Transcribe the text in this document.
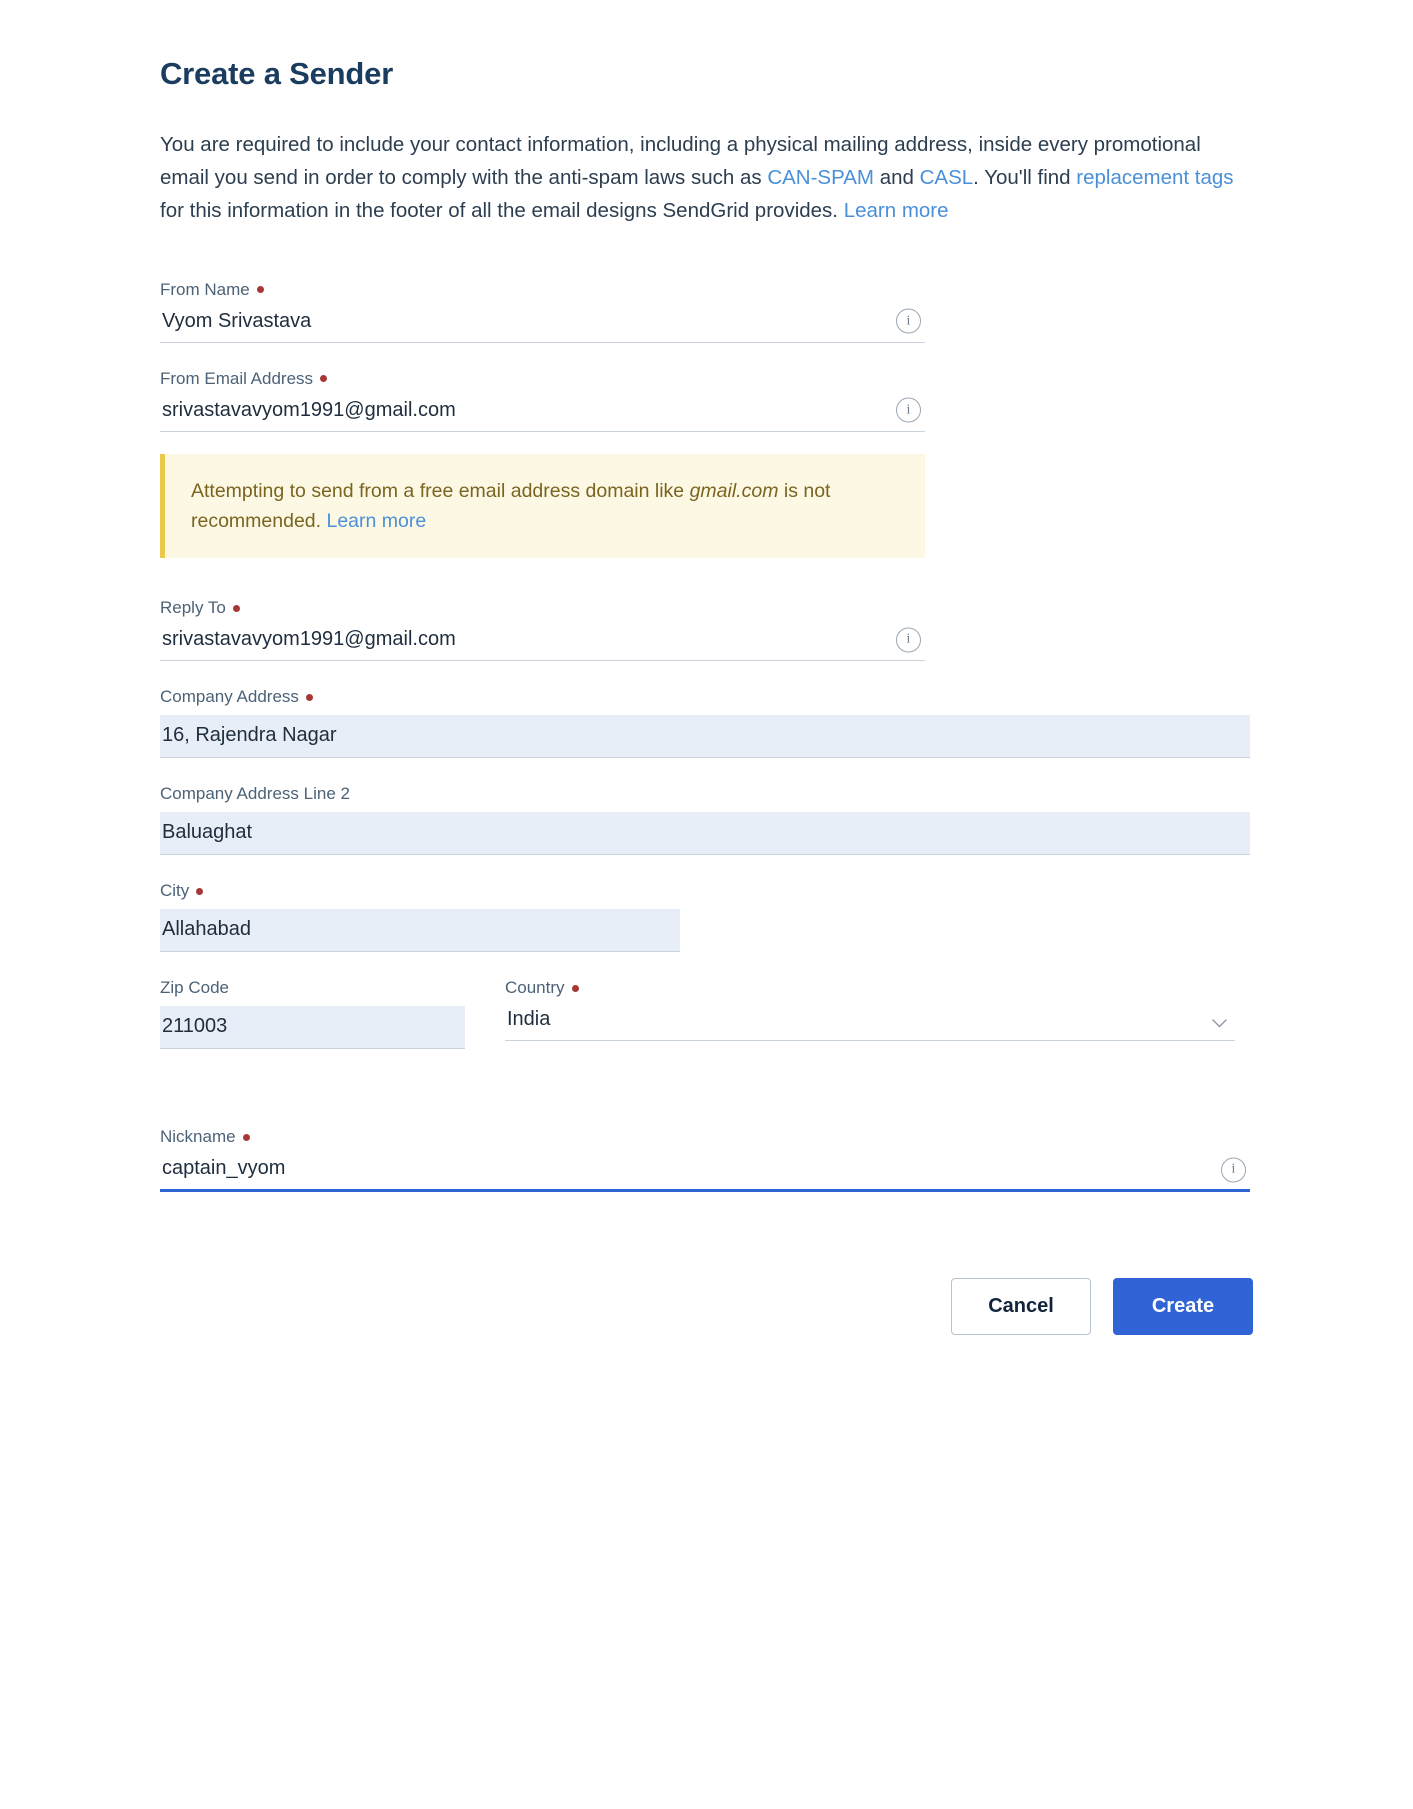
Create a Sender

You are required to include your contact information, including a physical mailing address, inside every promotional email you send in order to comply with the anti-spam laws such as CAN-SPAM and CASL. You'll find replacement tags for this information in the footer of all the email designs SendGrid provides. Learn more

From Name
Vyom Srivastava
i
From Email Address
srivastavavyom1991@gmail.com
i
Attempting to send from a free email address domain like gmail.com is not recommended. Learn more
Reply To
srivastavavyom1991@gmail.com
i
Company Address
16, Rajendra Nagar
Company Address Line 2
Baluaghat
City
Allahabad
Zip Code
211003	Country
India
Nickname
captain_vyom
i
Cancel	Create
